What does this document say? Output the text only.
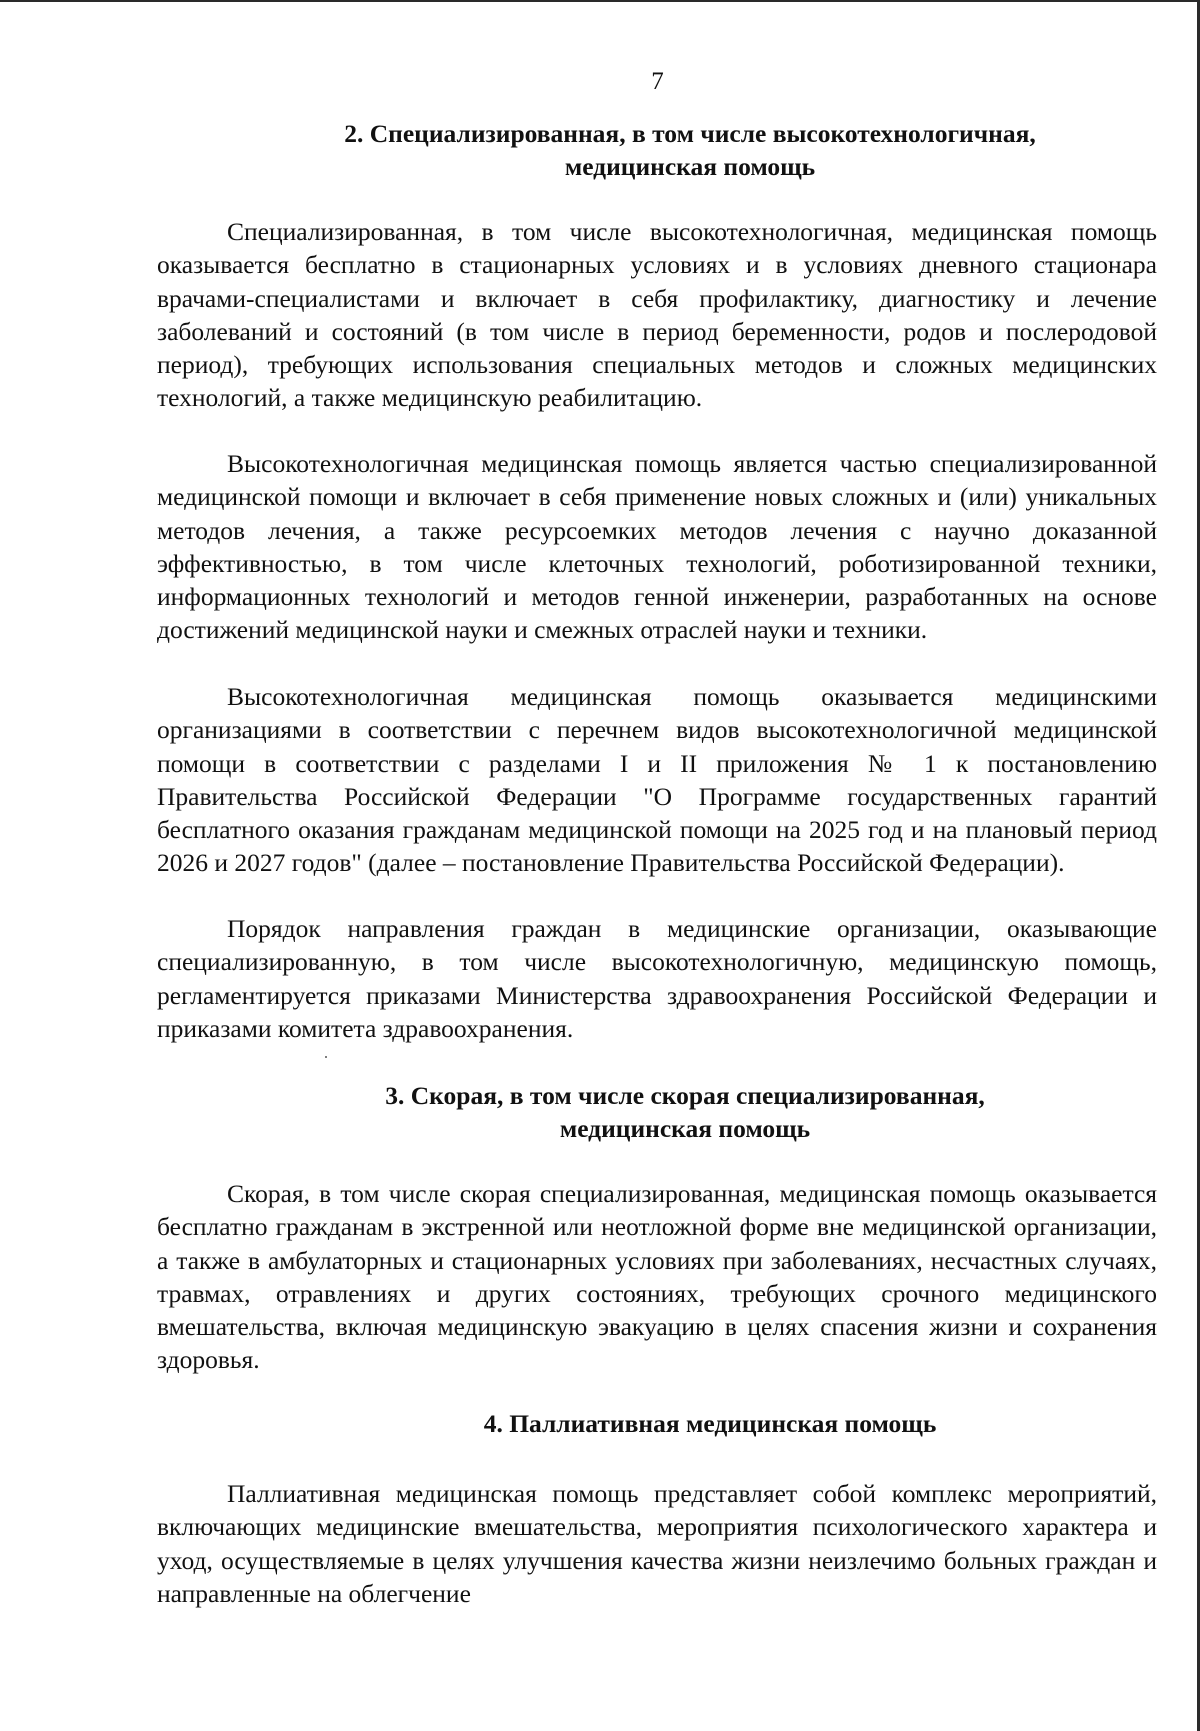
7
2. Специализированная, в том числе высокотехнологичная,
медицинская помощь

Специализированная, в том числе высокотехнологичная, медицинская помощь оказывается бесплатно в стационарных условиях и в условиях дневного стационара врачами-специалистами и включает в себя профилактику, диагностику и лечение заболеваний и состояний (в том числе в период беременности, родов и послеродовой период), требующих использования специальных методов и сложных медицинских технологий, а также медицинскую реабилитацию.

Высокотехнологичная медицинская помощь является частью специализированной медицинской помощи и включает в себя применение новых сложных и (или) уникальных методов лечения, а также ресурсоемких методов лечения с научно доказанной эффективностью, в том числе клеточных технологий, роботизированной техники, информационных технологий и методов генной инженерии, разработанных на основе достижений медицинской науки и смежных отраслей науки и техники.

Высокотехнологичная медицинская помощь оказывается медицинскими организациями в соответствии с перечнем видов высокотехнологичной медицинской помощи в соответствии с разделами I и II приложения № 1 к постановлению Правительства Российской Федерации "О Программе государственных гарантий бесплатного оказания гражданам медицинской помощи на 2025 год и на плановый период 2026 и 2027 годов" (далее – постановление Правительства Российской Федерации).

Порядок направления граждан в медицинские организации, оказывающие специализированную, в том числе высокотехнологичную, медицинскую помощь, регламентируется приказами Министерства здравоохранения Российской Федерации и приказами комитета здравоохранения.

3. Скорая, в том числе скорая специализированная,
медицинская помощь

Скорая, в том числе скорая специализированная, медицинская помощь оказывается бесплатно гражданам в экстренной или неотложной форме вне медицинской организации, а также в амбулаторных и стационарных условиях при заболеваниях, несчастных случаях, травмах, отравлениях и других состояниях, требующих срочного медицинского вмешательства, включая медицинскую эвакуацию в целях спасения жизни и сохранения здоровья.

4. Паллиативная медицинская помощь

Паллиативная медицинская помощь представляет собой комплекс мероприятий, включающих медицинские вмешательства, мероприятия психологического характера и уход, осуществляемые в целях улучшения качества жизни неизлечимо больных граждан и направленные на облегчение
